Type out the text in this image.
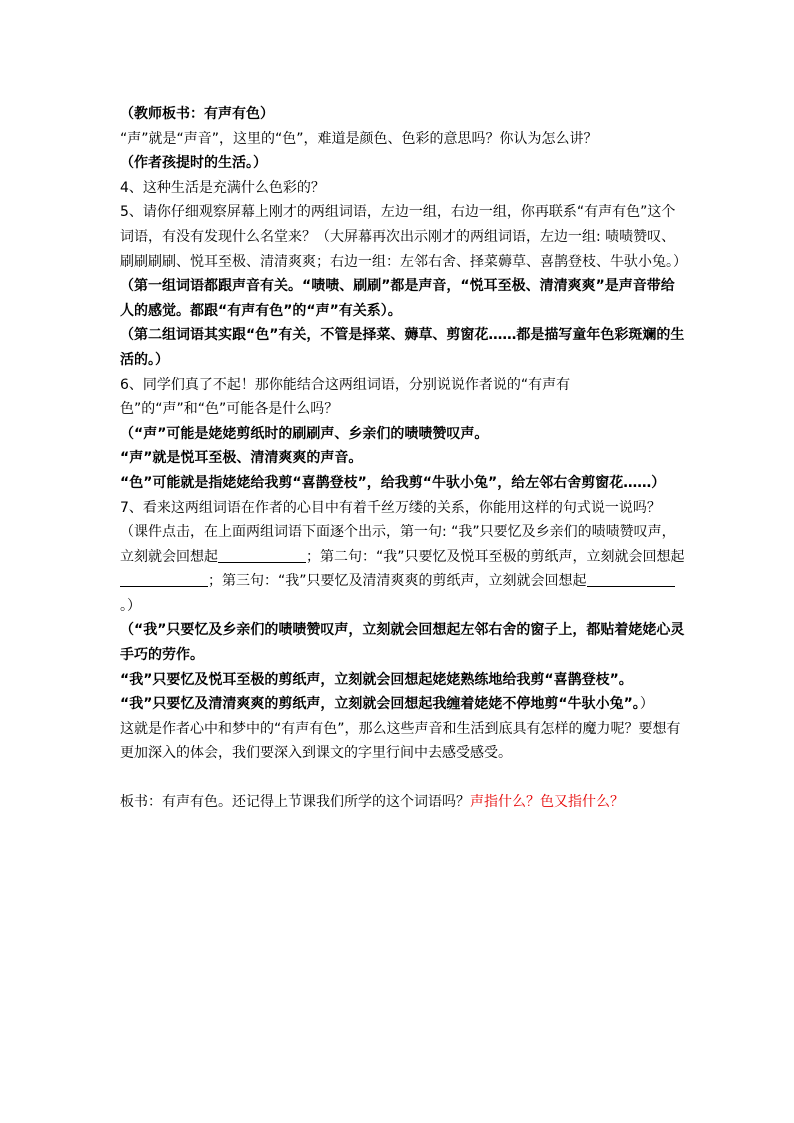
（教师板书：有声有色）

“声”就是“声音”，这里的“色”，难道是颜色、色彩的意思吗？你认为怎么讲？

（作者孩提时的生活。）

4、这种生活是充满什么色彩的？

5、请你仔细观察屏幕上刚才的两组词语，左边一组，右边一组，你再联系“有声有色”这个词语，有没有发现什么名堂来？（大屏幕再次出示刚才的两组词语，左边一组: 啧啧赞叹、刷刷刷刷、悦耳至极、清清爽爽；右边一组：左邻右舍、择菜薅草、喜鹊登枝、牛驮小兔。）

（第一组词语都跟声音有关。“啧啧、刷刷”都是声音，“悦耳至极、清清爽爽”是声音带给人的感觉。都跟“有声有色”的“声”有关系）。

（第二组词语其实跟“色”有关，不管是择菜、薅草、剪窗花……都是描写童年色彩斑斓的生活的。）

6、同学们真了不起！那你能结合这两组词语，分别说说作者说的“有声有色”的“声”和“色”可能各是什么吗？

（“声”可能是姥姥剪纸时的刷刷声、乡亲们的啧啧赞叹声。

“声”就是悦耳至极、清清爽爽的声音。

“色”可能就是指姥姥给我剪“喜鹊登枝”，给我剪“牛驮小兔”，给左邻右舍剪窗花……）

7、看来这两组词语在作者的心目中有着千丝万缕的关系，你能用这样的句式说一说吗？

（课件点击，在上面两组词语下面逐个出示，第一句: “我”只要忆及乡亲们的啧啧赞叹声，立刻就会回想起	；第二句：“我”只要忆及悦耳至极的剪纸声，立刻就会回想起；第三句：“我”只要忆及清清爽爽的剪纸声，立刻就会回想起。）

（“我”只要忆及乡亲们的啧啧赞叹声，立刻就会回想起左邻右舍的窗子上，都贴着姥姥心灵手巧的劳作。

“我”只要忆及悦耳至极的剪纸声，立刻就会回想起姥姥熟练地给我剪“喜鹊登枝”。

“我”只要忆及清清爽爽的剪纸声，立刻就会回想起我缠着姥姥不停地剪“牛驮小兔”。）

这就是作者心中和梦中的“有声有色”，那么这些声音和生活到底具有怎样的魔力呢？要想有更加深入的体会，我们要深入到课文的字里行间中去感受感受。

板书：有声有色。还记得上节课我们所学的这个词语吗？声指什么？色又指什么？
